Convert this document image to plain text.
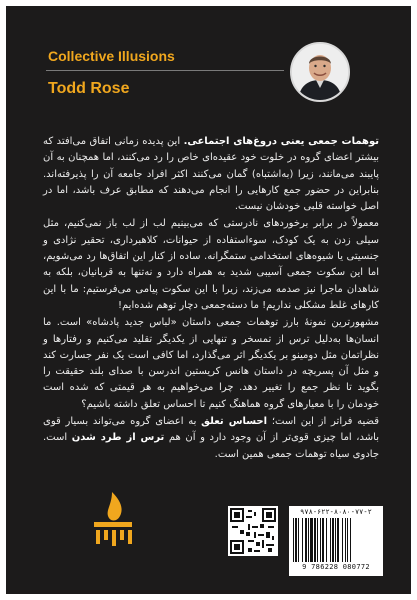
Collective Illusions
Todd Rose

توهمات جمعی یعنی دروغ‌های اجتماعی. این پدیده زمانی اتفاق می‌افتد که بیشتر اعضای گروه در خلوت خود عقیده‌ای خاص را رد می‌کنند، اما همچنان به آن پایبند می‌مانند، زیرا (به‌اشتباه) گمان می‌کنند اکثر افراد جامعه آن را پذیرفته‌اند. بنابراین در حضور جمع کارهایی را انجام می‌دهند که مطابق عرف باشد، اما در اصل خواسته قلبی خودشان نیست.

معمولاً در برابر برخوردهای نادرستی که می‌بینیم لب از لب باز نمی‌کنیم، مثل سیلی زدن به یک کودک، سوءاستفاده از حیوانات، کلاهبرداری، تحقیر نژادی و جنسیتی یا شیوه‌های استخدامی ستمگرانه. ساده از کنار این اتفاق‌ها رد می‌شویم، اما این سکوت جمعی آسیبی شدید به همراه دارد و نه‌تنها به قربانیان، بلکه به شاهدان ماجرا نیز صدمه می‌زند، زیرا با این سکوت پیامی می‌فرستیم: ما با این کارهای غلط مشکلی نداریم! ما دسته‌جمعی دچار توهم شده‌ایم!

مشهورترین نمونهٔ بارز توهمات جمعی داستان «لباس جدید پادشاه» است. ما انسان‌ها به‌دلیل ترس از تمسخر و تنهایی از یکدیگر تقلید می‌کنیم و رفتارها و نظراتمان مثل دومینو بر یکدیگر اثر می‌گذارد، اما کافی است یک نفر جسارت کند و مثل آن پسربچه در داستان هانس کریستین اندرسن با صدای بلند حقیقت را بگوید تا نظر جمع را تغییر دهد. چرا می‌خواهیم به هر قیمتی که شده است خودمان را با معیارهای گروه هماهنگ کنیم تا احساس تعلق داشته باشیم؟

قضیه فراتر از این است؛ احساس تعلق به اعضای گروه می‌تواند بسیار قوی باشد، اما چیزی قوی‌تر از آن وجود دارد و آن هم ترس از طرد شدن است. جادوی سیاه توهمات جمعی همین است.

۹۷۸-۶۲۲-۸۰۸۰-۷۷-۲
9 786228 080772
